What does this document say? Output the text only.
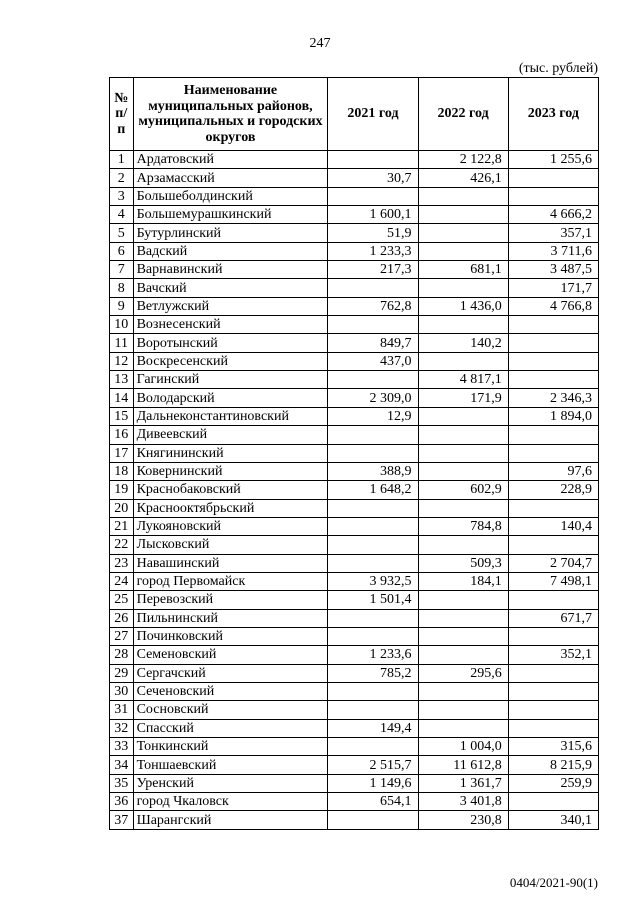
247
(тыс. рублей)
№ п/п	Наименование муниципальных районов, муниципальных и городских округов	2021 год	2022 год	2023 год
1	Ардатовский		2 122,8	1 255,6
2	Арзамасский	30,7	426,1	
3	Большеболдинский			
4	Большемурашкинский	1 600,1		4 666,2
5	Бутурлинский	51,9		357,1
6	Вадский	1 233,3		3 711,6
7	Варнавинский	217,3	681,1	3 487,5
8	Вачский			171,7
9	Ветлужский	762,8	1 436,0	4 766,8
10	Вознесенский			
11	Воротынский	849,7	140,2	
12	Воскресенский	437,0		
13	Гагинский		4 817,1	
14	Володарский	2 309,0	171,9	2 346,3
15	Дальнеконстантиновский	12,9		1 894,0
16	Дивеевский			
17	Княгининский			
18	Ковернинский	388,9		97,6
19	Краснобаковский	1 648,2	602,9	228,9
20	Краснооктябрьский			
21	Лукояновский		784,8	140,4
22	Лысковский			
23	Навашинский		509,3	2 704,7
24	город Первомайск	3 932,5	184,1	7 498,1
25	Перевозский	1 501,4		
26	Пильнинский			671,7
27	Починковский			
28	Семеновский	1 233,6		352,1
29	Сергачский	785,2	295,6	
30	Сеченовский			
31	Сосновский			
32	Спасский	149,4		
33	Тонкинский		1 004,0	315,6
34	Тоншаевский	2 515,7	11 612,8	8 215,9
35	Уренский	1 149,6	1 361,7	259,9
36	город Чкаловск	654,1	3 401,8	
37	Шарангский		230,8	340,1
0404/2021-90(1)
